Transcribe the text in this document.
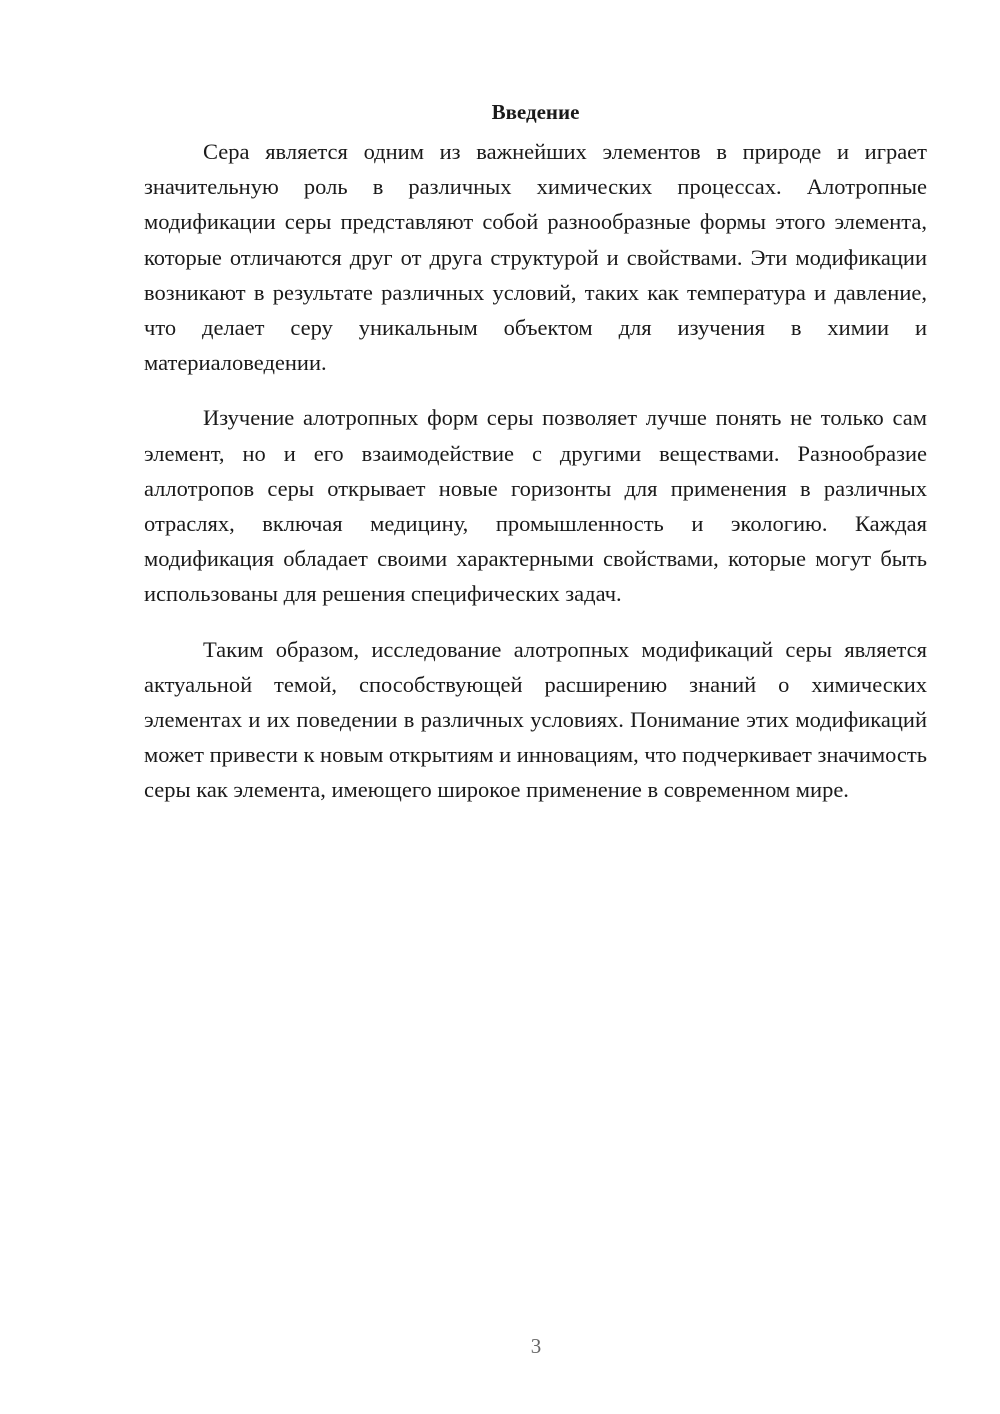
Введение

Сера является одним из важнейших элементов в природе и играет значительную роль в различных химических процессах. Алотропные модификации серы представляют собой разнообразные формы этого элемента, которые отличаются друг от друга структурой и свойствами. Эти модификации возникают в результате различных условий, таких как температура и давление, что делает серу уникальным объектом для изучения в химии и материаловедении.

Изучение алотропных форм серы позволяет лучше понять не только сам элемент, но и его взаимодействие с другими веществами. Разнообразие аллотропов серы открывает новые горизонты для применения в различных отраслях, включая медицину, промышленность и экологию. Каждая модификация обладает своими характерными свойствами, которые могут быть использованы для решения специфических задач.

Таким образом, исследование алотропных модификаций серы является актуальной темой, способствующей расширению знаний о химических элементах и их поведении в различных условиях. Понимание этих модификаций может привести к новым открытиям и инновациям, что подчеркивает значимость серы как элемента, имеющего широкое применение в современном мире.

3
